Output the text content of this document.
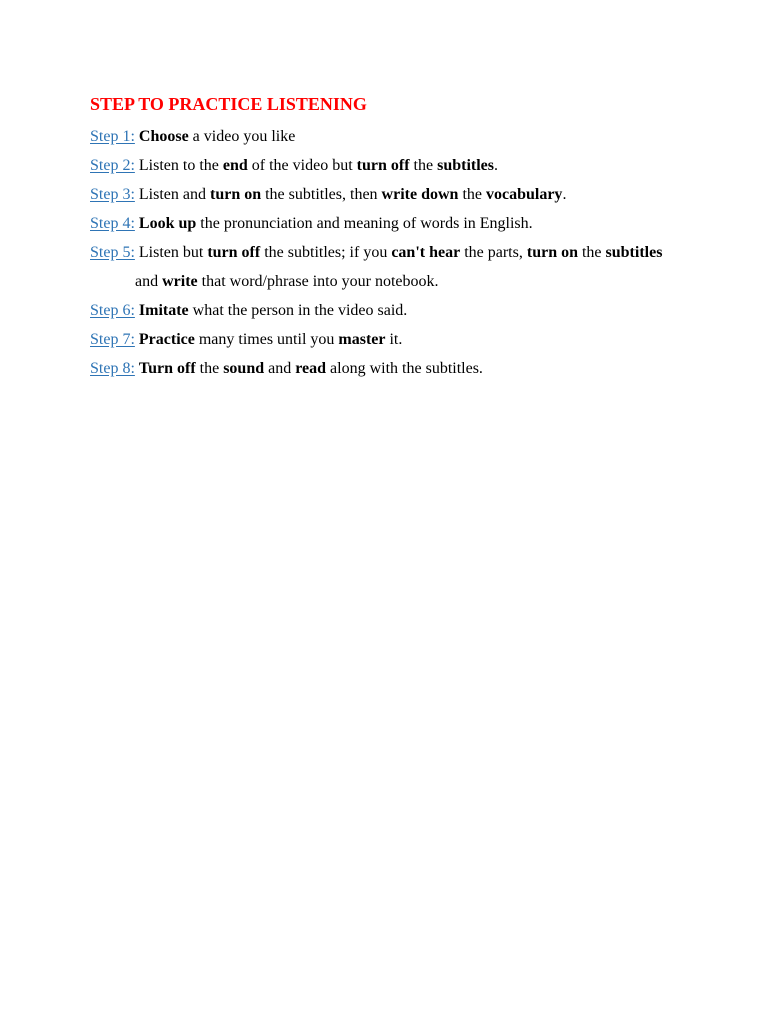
STEP TO PRACTICE LISTENING

Step 1: Choose a video you like

Step 2: Listen to the end of the video but turn off the subtitles.

Step 3: Listen and turn on the subtitles, then write down the vocabulary.

Step 4: Look up the pronunciation and meaning of words in English.

Step 5: Listen but turn off the subtitles; if you can't hear the parts, turn on the subtitles

and write that word/phrase into your notebook.

Step 6: Imitate what the person in the video said.

Step 7: Practice many times until you master it.

Step 8: Turn off the sound and read along with the subtitles.
